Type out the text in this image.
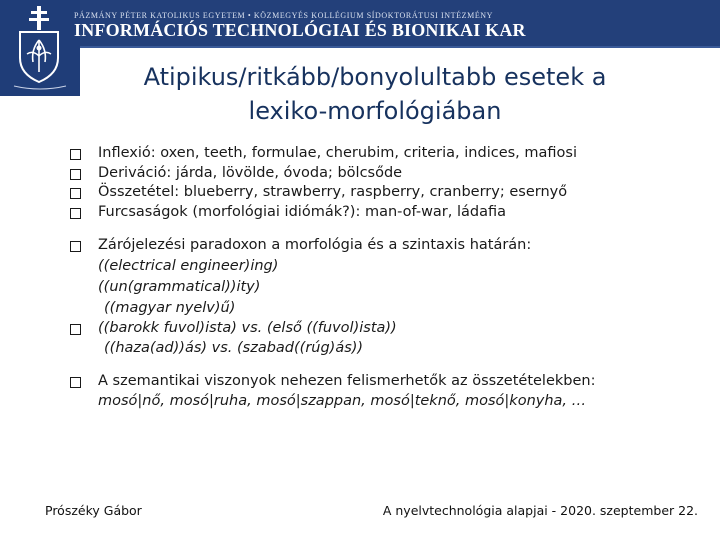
PÁZMÁNY PÉTER KATOLIKUS EGYETEM • KÖZMEGYÉS KOLLÉGIUM SÍDOKTORÁTUSI INTÉZMÉNY
INFORMÁCIÓS TECHNOLÓGIAI ÉS BIONIKAI KAR
Atipikus/ritkább/bonyolultabb esetek a
lexiko-morfológiában
Inflexió: oxen, teeth, formulae, cherubim, criteria, indices, mafiosi
Deriváció: járda, lövölde, óvoda; bölcsőde
Összetétel: blueberry, strawberry, raspberry, cranberry; esernyő
Furcsaságok (morfológiai idiómák?): man-of-war, ládafia
Zárójelezési paradoxon a morfológia és a szintaxis határán:
((electrical engineer)ing)
((un(grammatical))ity)
((magyar nyelv)ű)
((barokk fuvol)ista) vs. (első ((fuvol)ista))
((haza(ad))ás) vs. (szabad((rúg)ás))
A szemantikai viszonyok nehezen felismerhetők az összetételekben:
mosó|nő, mosó|ruha, mosó|szappan, mosó|teknő, mosó|konyha, …
Prószéky Gábor	A nyelvtechnológia alapjai - 2020. szeptember 22.
